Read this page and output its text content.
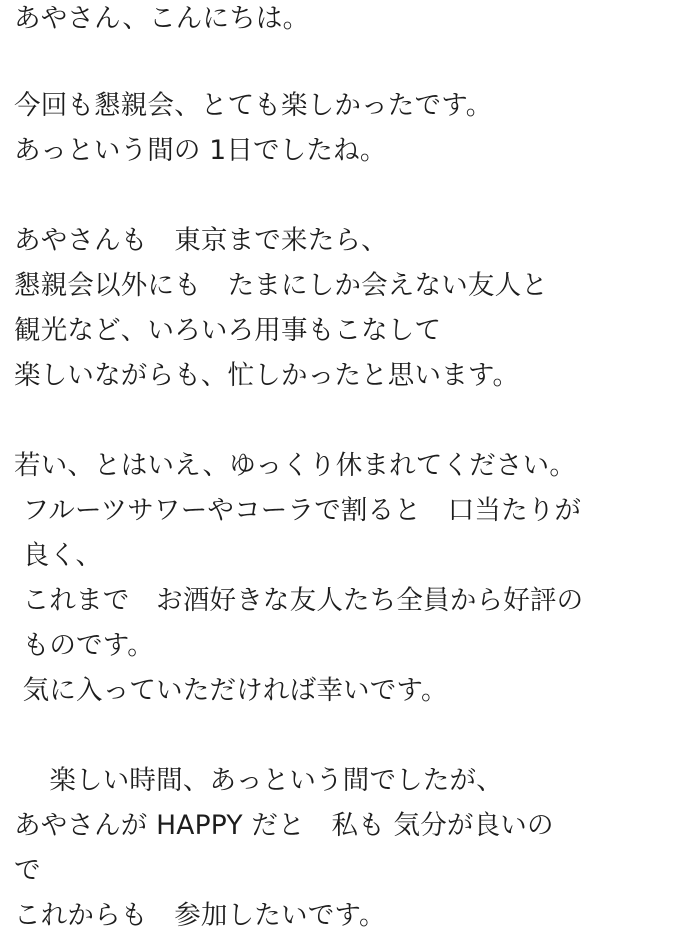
あやさん、こんにちは。
今回も懇親会、とても楽しかったです。
あっという間の 1日でしたね。
あやさんも　東京まで来たら、
懇親会以外にも　たまにしか会えない友人と
観光など、いろいろ用事もこなして
楽しいながらも、忙しかったと思います。
若い、とはいえ、ゆっくり休まれてください。
フルーツサワーやコーラで割ると　口当たりが
良く、
これまで　お酒好きな友人たち全員から好評の
ものです。
気に入っていただければ幸いです。
　 楽しい時間、あっという間でしたが、
あやさんが HAPPY だと　私も 気分が良いの
で
これからも　参加したいです。
